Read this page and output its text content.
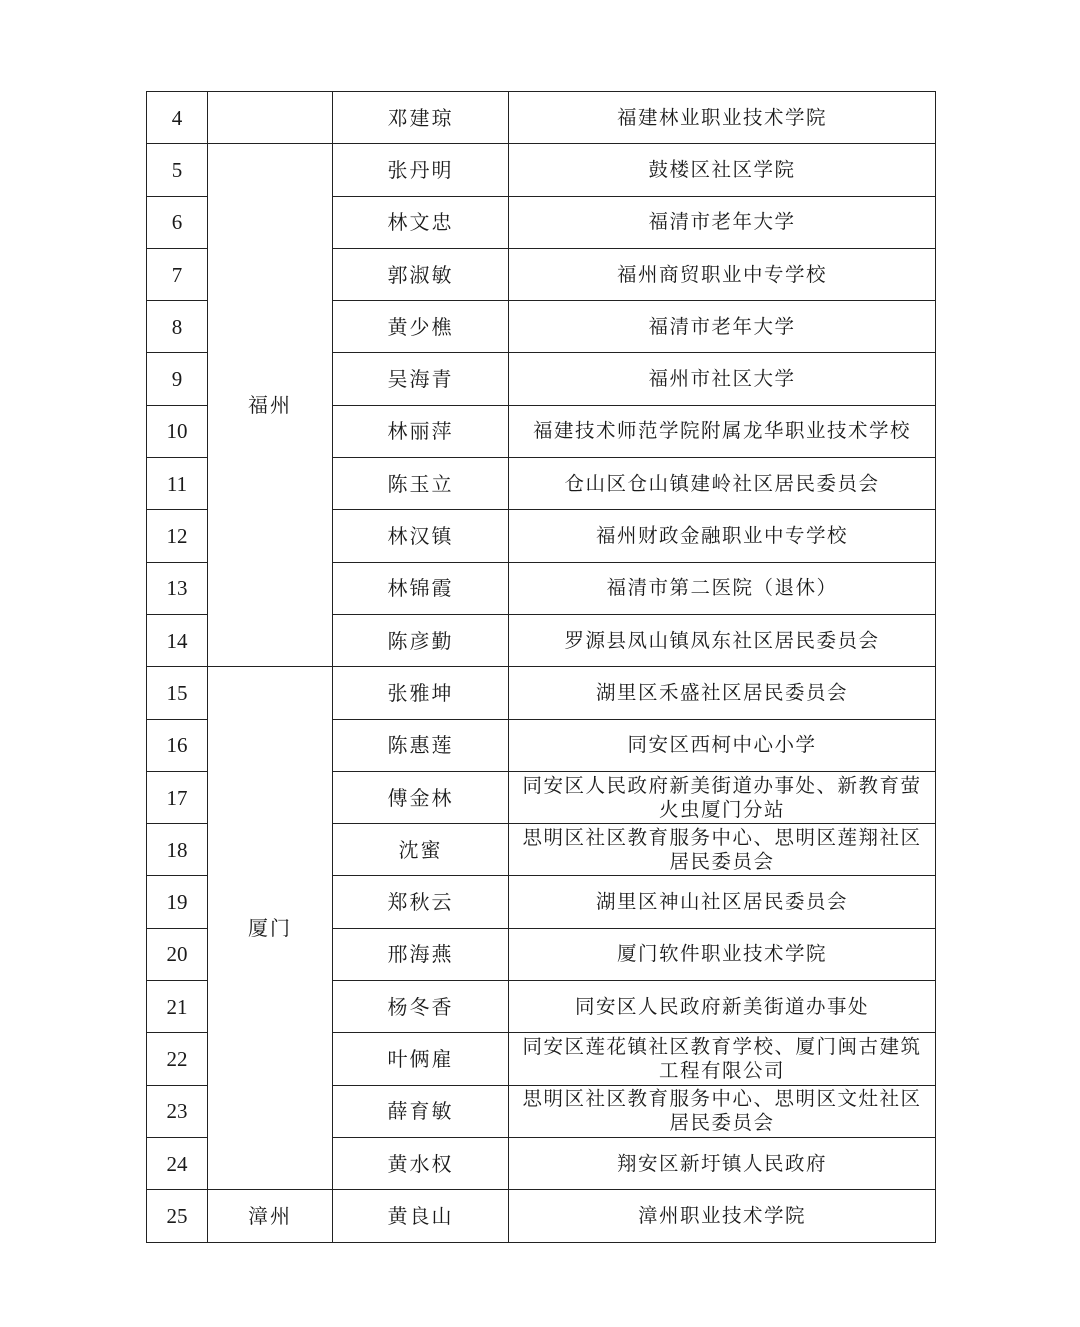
4		邓建琼	福建林业职业技术学院
5	福州	张丹明	鼓楼区社区学院
6		林文忠	福清市老年大学
7		郭淑敏	福州商贸职业中专学校
8		黄少樵	福清市老年大学
9		吴海青	福州市社区大学
10		林丽萍	福建技术师范学院附属龙华职业技术学校
11		陈玉立	仓山区仓山镇建岭社区居民委员会
12		林汉镇	福州财政金融职业中专学校
13		林锦霞	福清市第二医院（退休）
14		陈彦勤	罗源县凤山镇凤东社区居民委员会
15	厦门	张雅坤	湖里区禾盛社区居民委员会
16		陈惠莲	同安区西柯中心小学
17		傅金林	同安区人民政府新美街道办事处、新教育萤火虫厦门分站
18		沈蜜	思明区社区教育服务中心、思明区莲翔社区居民委员会
19		郑秋云	湖里区神山社区居民委员会
20		邢海燕	厦门软件职业技术学院
21		杨冬香	同安区人民政府新美街道办事处
22		叶俩雇	同安区莲花镇社区教育学校、厦门闽古建筑工程有限公司
23		薛育敏	思明区社区教育服务中心、思明区文灶社区居民委员会
24		黄水权	翔安区新圩镇人民政府
25	漳州	黄良山	漳州职业技术学院
